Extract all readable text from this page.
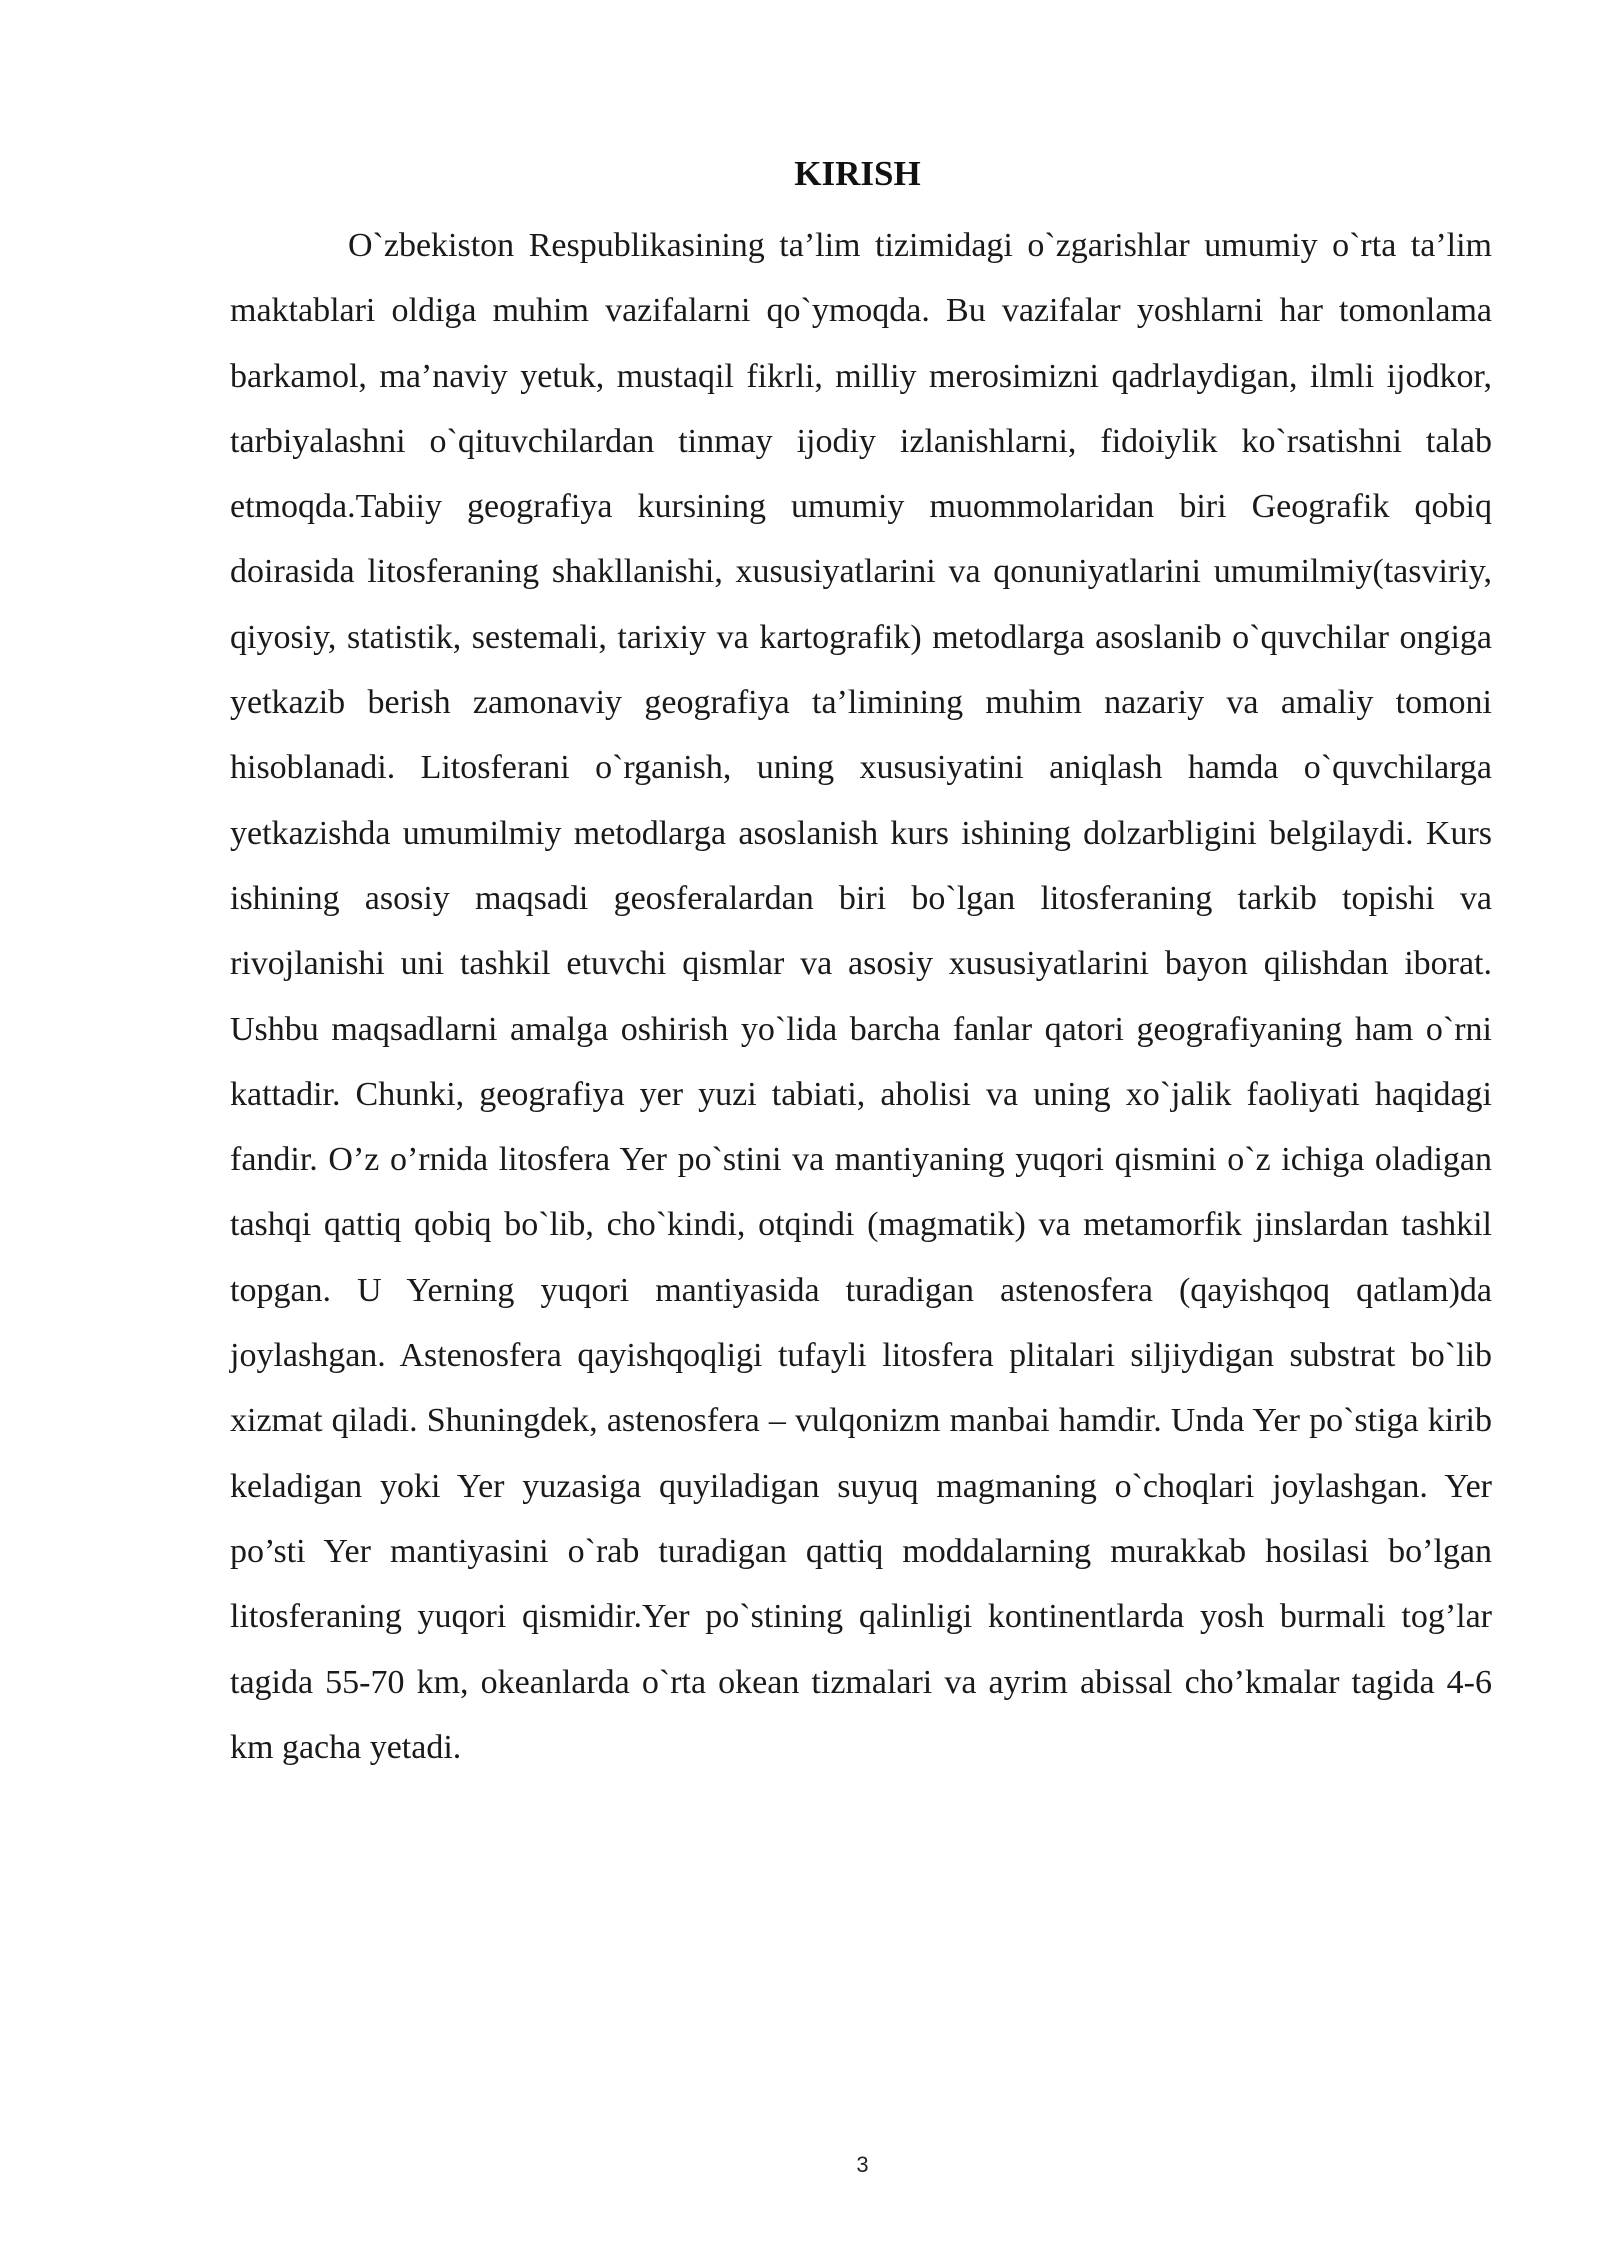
KIRISH

O`zbekiston Respublikasining ta’lim tizimidagi o`zgarishlar umumiy o`rta ta’lim maktablari oldiga muhim vazifalarni qo`ymoqda. Bu vazifalar yoshlarni har tomonlama barkamol, ma’naviy yetuk, mustaqil fikrli, milliy merosimizni qadrlaydigan, ilmli ijodkor, tarbiyalashni o`qituvchilardan tinmay ijodiy izlanishlarni, fidoiylik ko`rsatishni talab etmoqda.Tabiiy geografiya kursining umumiy muommolaridan biri Geografik qobiq doirasida litosferaning shakllanishi, xususiyatlarini va qonuniyatlarini umumilmiy(tasviriy, qiyosiy, statistik, sestemali, tarixiy va kartografik) metodlarga asoslanib o`quvchilar ongiga yetkazib berish zamonaviy geografiya ta’limining muhim nazariy va amaliy tomoni hisoblanadi. Litosferani o`rganish, uning xususiyatini aniqlash hamda o`quvchilarga yetkazishda umumilmiy metodlarga asoslanish kurs ishining dolzarbligini belgilaydi. Kurs ishining asosiy maqsadi geosferalardan biri bo`lgan litosferaning tarkib topishi va rivojlanishi uni tashkil etuvchi qismlar va asosiy xususiyatlarini bayon qilishdan iborat. Ushbu maqsadlarni amalga oshirish yo`lida barcha fanlar qatori geografiyaning ham o`rni kattadir. Chunki, geografiya yer yuzi tabiati, aholisi va uning xo`jalik faoliyati haqidagi fandir. O’z o’rnida litosfera Yer po`stini va mantiyaning yuqori qismini o`z ichiga oladigan tashqi qattiq qobiq bo`lib, cho`kindi, otqindi (magmatik) va metamorfik jinslardan tashkil topgan. U Yerning yuqori mantiyasida turadigan astenosfera (qayishqoq qatlam)da joylashgan. Astenosfera qayishqoqligi tufayli litosfera plitalari siljiydigan substrat bo`lib xizmat qiladi. Shuningdek, astenosfera – vulqonizm manbai hamdir. Unda Yer po`stiga kirib keladigan yoki Yer yuzasiga quyiladigan suyuq magmaning o`choqlari joylashgan. Yer po’sti Yer mantiyasini o`rab turadigan qattiq moddalarning murakkab hosilasi bo’lgan litosferaning yuqori qismidir.Yer po`stining qalinligi kontinentlarda yosh burmali tog’lar tagida 55-70 km, okeanlarda o`rta okean tizmalari va ayrim abissal cho’kmalar tagida 4-6 km gacha yetadi.

3
